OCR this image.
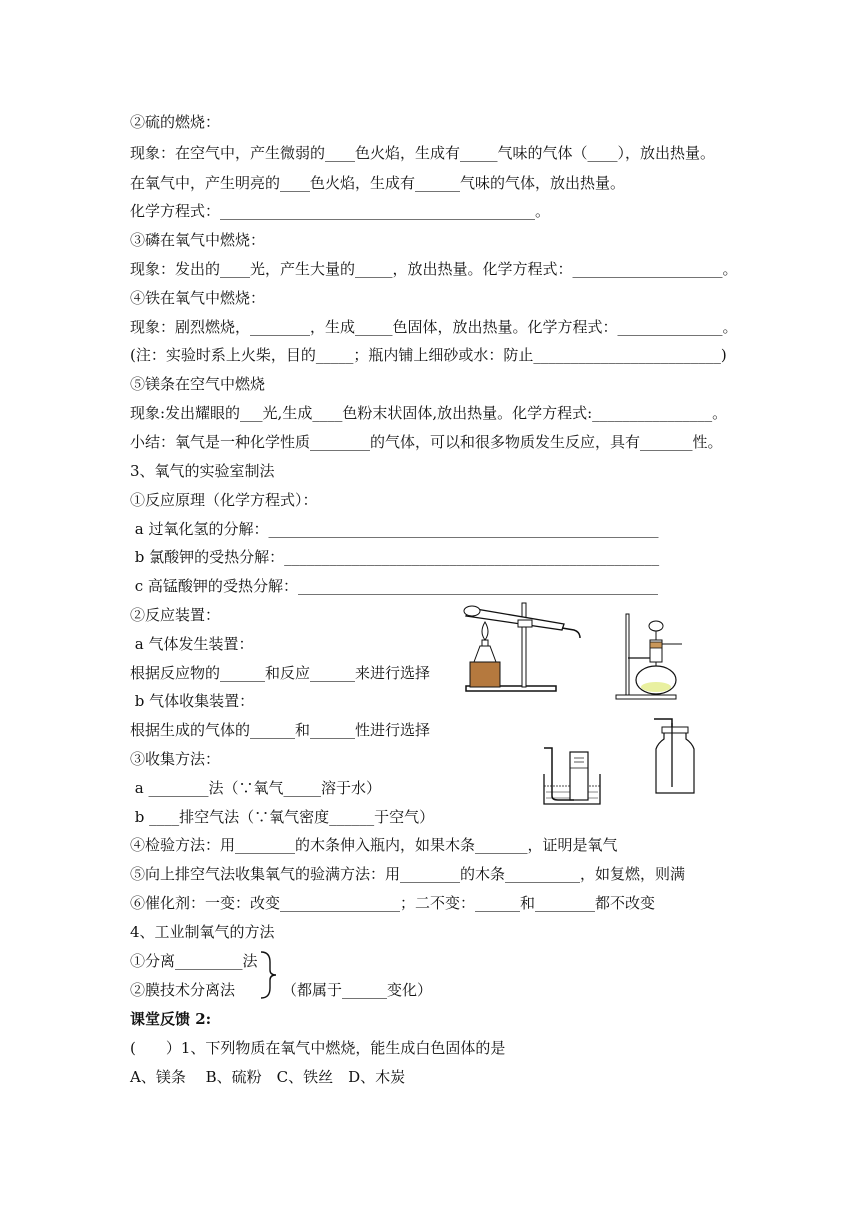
②硫的燃烧：
现象：在空气中，产生微弱的____色火焰，生成有_____气味的气体（____），放出热量。
在氧气中，产生明亮的____色火焰，生成有______气味的气体，放出热量。
化学方程式：__________________________________________。
③磷在氧气中燃烧：
现象：发出的____光，产生大量的_____，放出热量。化学方程式：____________________。
④铁在氧气中燃烧：
现象：剧烈燃烧，________，生成_____色固体，放出热量。化学方程式：______________。
(注：实验时系上火柴，目的_____；瓶内铺上细砂或水：防止_________________________)
⑤镁条在空气中燃烧
现象:发出耀眼的___光,生成____色粉末状固体,放出热量。化学方程式:________________。
小结：氧气是一种化学性质________的气体，可以和很多物质发生反应，具有_______性。
3、氧气的实验室制法
①反应原理（化学方程式）：
a 过氧化氢的分解：____________________________________________________
b 氯酸钾的受热分解：__________________________________________________
c 高锰酸钾的受热分解：________________________________________________
②反应装置：
a 气体发生装置：
根据反应物的______和反应______来进行选择
b 气体收集装置：
根据生成的气体的______和______性进行选择
③收集方法：
a ________法（∵氧气_____溶于水）
b ____排空气法（∵氧气密度______于空气）
④检验方法：用________的木条伸入瓶内，如果木条_______，证明是氧气
⑤向上排空气法收集氧气的验满方法：用________的木条__________，如复燃，则满
⑥催化剂：一变：改变________________；二不变：______和________都不改变
4、工业制氧气的方法
①分离_________法
②膜技术分离法	（都属于______变化）
课堂反馈 2:
(　　）1、下列物质在氧气中燃烧，能生成白色固体的是
A、镁条　 B、硫粉　C、铁丝　D、木炭
